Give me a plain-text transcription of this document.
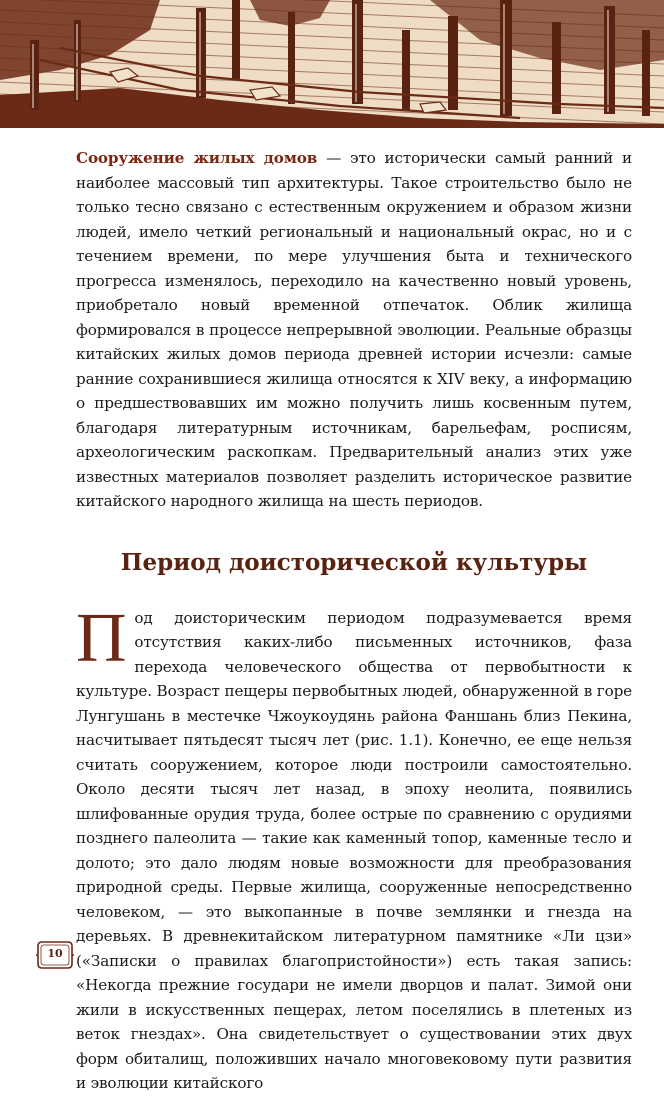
Сооружение жилых домов — это исторически самый ранний и наиболее массовый тип архитектуры. Такое строительство было не только тесно связано с естественным окружением и образом жизни людей, имело четкий региональный и национальный окрас, но и с течением времени, по мере улучшения быта и технического прогресса изменялось, переходило на качественно новый уровень, приобретало новый временной отпечаток. Облик жилища формировался в процессе непрерывной эволюции. Реальные образцы китайских жилых домов периода древней истории исчезли: самые ранние сохранившиеся жилища относятся к XIV веку, а информацию о предшествовавших им можно получить лишь косвенным путем, благодаря литературным источникам, барельефам, росписям, археологическим раскопкам. Предварительный анализ этих уже известных материалов позволяет разделить историческое развитие китайского народного жилища на шесть периодов.

Период доисторической культуры

Под доисторическим периодом подразумевается время отсутствия каких-либо письменных источников, фаза перехода человеческого общества от первобытности к культуре. Возраст пещеры первобытных людей, обнаруженной в горе Лунгушань в местечке Чжоукоудянь района Фаншань близ Пекина, насчитывает пятьдесят тысяч лет (рис. 1.1). Конечно, ее еще нельзя считать сооружением, которое люди построили самостоятельно. Около десяти тысяч лет назад, в эпоху неолита, появились шлифованные орудия труда, более острые по сравнению с орудиями позднего палеолита — такие как каменный топор, каменные тесло и долото; это дало людям новые возможности для преобразования природной среды. Первые жилища, сооруженные непосредственно человеком, — это выкопанные в почве землянки и гнезда на деревьях. В древнекитайском литературном памятнике «Ли цзи» («Записки о правилах благопристойности») есть такая запись: «Некогда прежние государи не имели дворцов и палат. Зимой они жили в искусственных пещерах, летом поселялись в плетеных из веток гнездах». Она свидетельствует о существовании этих двух форм обиталищ, положивших начало многовековому пути развития и эволюции китайского

10
